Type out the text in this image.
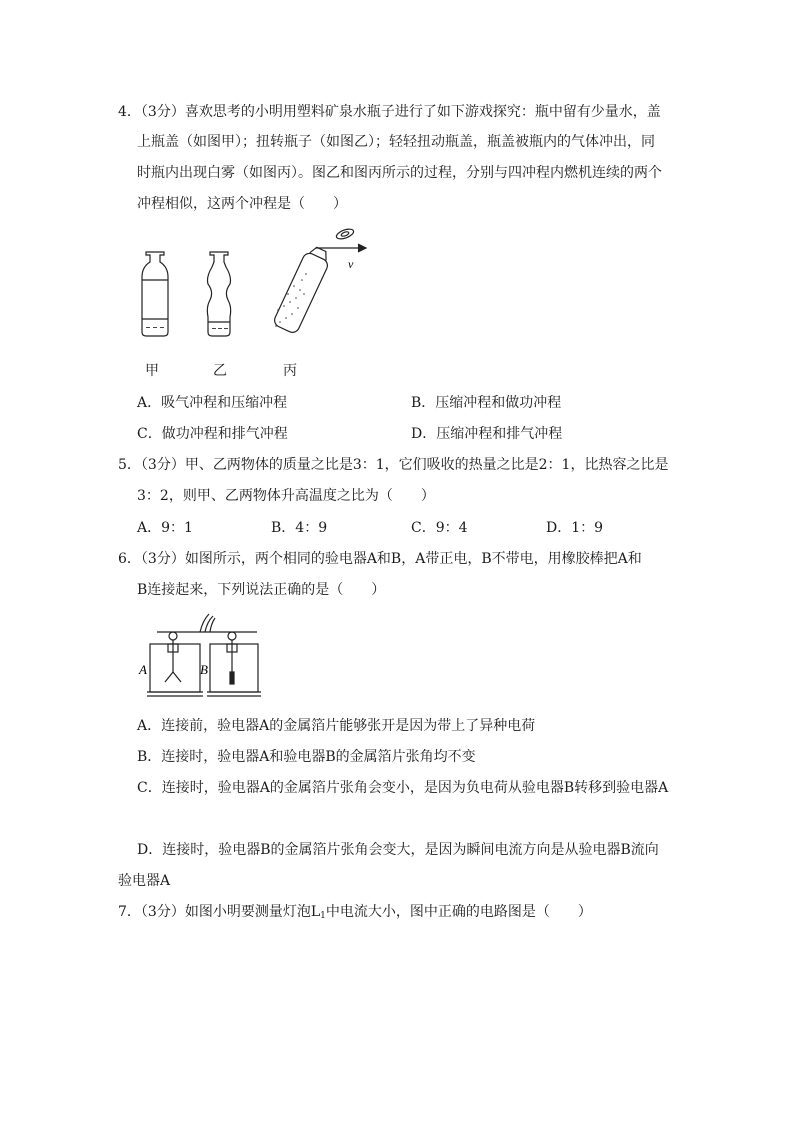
4．（3分）喜欢思考的小明用塑料矿泉水瓶子进行了如下游戏探究：瓶中留有少量水，盖
上瓶盖（如图甲）；扭转瓶子（如图乙）；轻轻扭动瓶盖，瓶盖被瓶内的气体冲出，同
时瓶内出现白雾（如图丙）。图乙和图丙所示的过程，分别与四冲程内燃机连续的两个
冲程相似，这两个冲程是（　　）
v
甲	乙	丙
A．吸气冲程和压缩冲程	B．压缩冲程和做功冲程
C．做功冲程和排气冲程	D．压缩冲程和排气冲程
5．（3分）甲、乙两物体的质量之比是3：1，它们吸收的热量之比是2：1，比热容之比是
3：2，则甲、乙两物体升高温度之比为（　　）
A．9：1	B．4：9	C．9：4	D．1：9
6．（3分）如图所示，两个相同的验电器A和B，A带正电，B不带电，用橡胶棒把A和
B连接起来，下列说法正确的是（　　）
A	B
A．连接前，验电器A的金属箔片能够张开是因为带上了异种电荷
B．连接时，验电器A和验电器B的金属箔片张角均不变
C．连接时，验电器A的金属箔片张角会变小，是因为负电荷从验电器B转移到验电器A
D．连接时，验电器B的金属箔片张角会变大，是因为瞬间电流方向是从验电器B流向
验电器A
7．（3分）如图小明要测量灯泡$L_1$中电流大小，图中正确的电路图是（　　）
